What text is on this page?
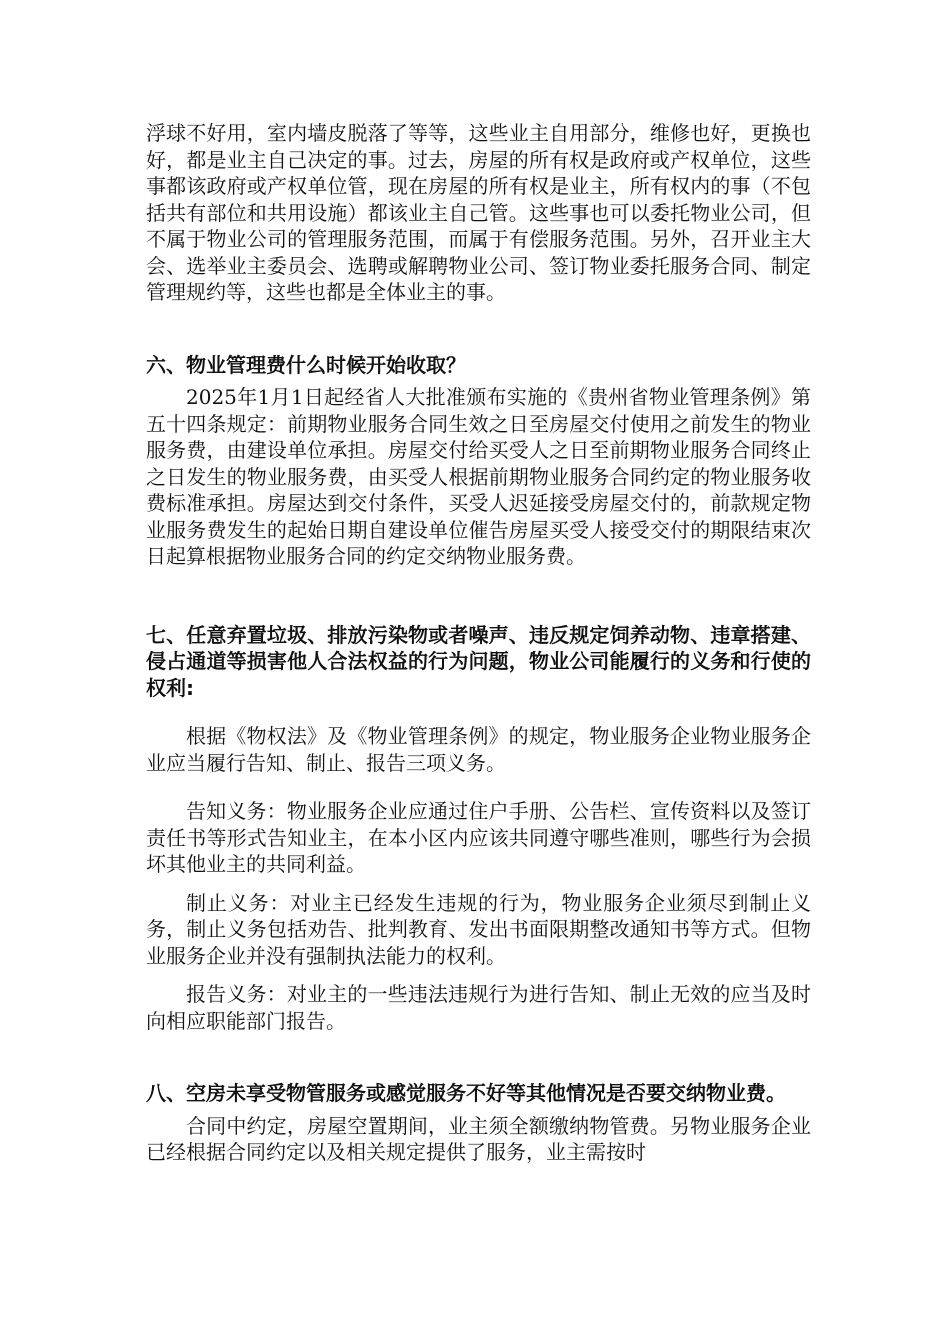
浮球不好用，室内墙皮脱落了等等，这些业主自用部分，维修也好，更换也好，都是业主自己决定的事。过去，房屋的所有权是政府或产权单位，这些事都该政府或产权单位管，现在房屋的所有权是业主，所有权内的事（不包括共有部位和共用设施）都该业主自己管。这些事也可以委托物业公司，但不属于物业公司的管理服务范围，而属于有偿服务范围。另外，召开业主大会、选举业主委员会、选聘或解聘物业公司、签订物业委托服务合同、制定管理规约等，这些也都是全体业主的事。

六、物业管理费什么时候开始收取？

2025年1月1日起经省人大批准颁布实施的《贵州省物业管理条例》第五十四条规定：前期物业服务合同生效之日至房屋交付使用之前发生的物业服务费，由建设单位承担。房屋交付给买受人之日至前期物业服务合同终止之日发生的物业服务费，由买受人根据前期物业服务合同约定的物业服务收费标准承担。房屋达到交付条件，买受人迟延接受房屋交付的，前款规定物业服务费发生的起始日期自建设单位催告房屋买受人接受交付的期限结束次日起算根据物业服务合同的约定交纳物业服务费。

七、任意弃置垃圾、排放污染物或者噪声、违反规定饲养动物、违章搭建、侵占通道等损害他人合法权益的行为问题，物业公司能履行的义务和行使的权利:

根据《物权法》及《物业管理条例》的规定，物业服务企业物业服务企业应当履行告知、制止、报告三项义务。

告知义务：物业服务企业应通过住户手册、公告栏、宣传资料以及签订责任书等形式告知业主，在本小区内应该共同遵守哪些准则，哪些行为会损坏其他业主的共同利益。

制止义务：对业主已经发生违规的行为，物业服务企业须尽到制止义务，制止义务包括劝告、批判教育、发出书面限期整改通知书等方式。但物业服务企业并没有强制执法能力的权利。

报告义务：对业主的一些违法违规行为进行告知、制止无效的应当及时向相应职能部门报告。

八、空房未享受物管服务或感觉服务不好等其他情况是否要交纳物业费。

合同中约定，房屋空置期间，业主须全额缴纳物管费。另物业服务企业已经根据合同约定以及相关规定提供了服务，业主需按时
